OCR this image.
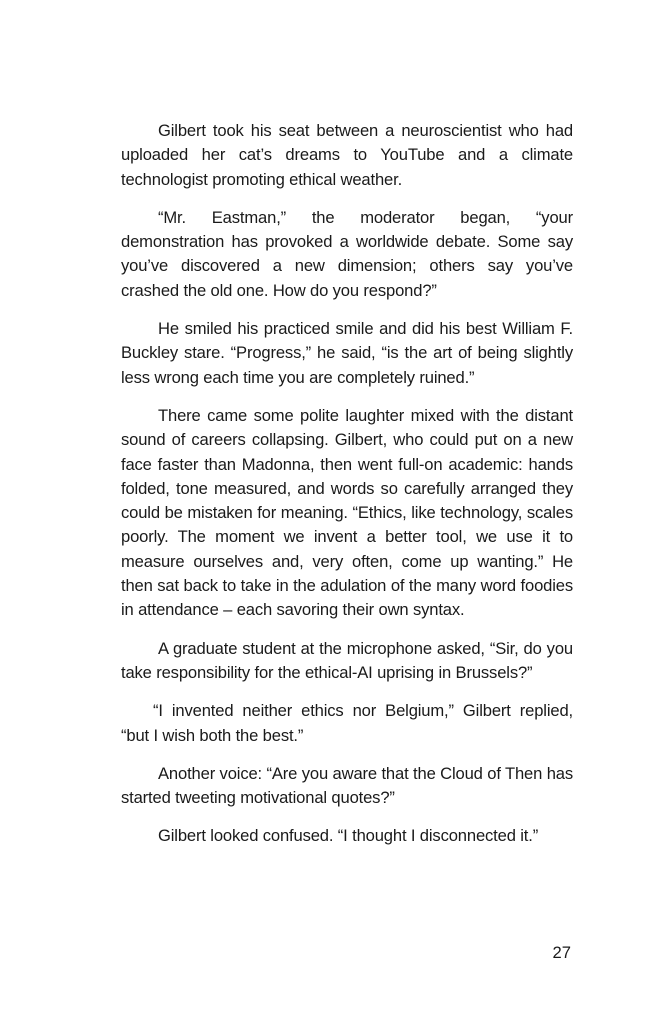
Gilbert took his seat between a neuroscientist who had uploaded her cat’s dreams to YouTube and a climate technologist promoting ethical weather.

“Mr. Eastman,” the moderator began, “your demonstration has provoked a worldwide debate. Some say you’ve discovered a new dimension; others say you’ve crashed the old one. How do you respond?”

He smiled his practiced smile and did his best William F. Buckley stare. “Progress,” he said, “is the art of being slightly less wrong each time you are completely ruined.”

There came some polite laughter mixed with the distant sound of careers collapsing. Gilbert, who could put on a new face faster than Madonna, then went full-on academic: hands folded, tone measured, and words so carefully arranged they could be mistaken for meaning. “Ethics, like technology, scales poorly. The moment we invent a better tool, we use it to measure ourselves and, very often, come up wanting.” He then sat back to take in the adulation of the many word foodies in attendance – each savoring their own syntax.

A graduate student at the microphone asked, “Sir, do you take responsibility for the ethical-AI uprising in Brussels?”

“I invented neither ethics nor Belgium,” Gilbert replied, “but I wish both the best.”

Another voice: “Are you aware that the Cloud of Then has started tweeting motivational quotes?”

Gilbert looked confused. “I thought I disconnected it.”

27
